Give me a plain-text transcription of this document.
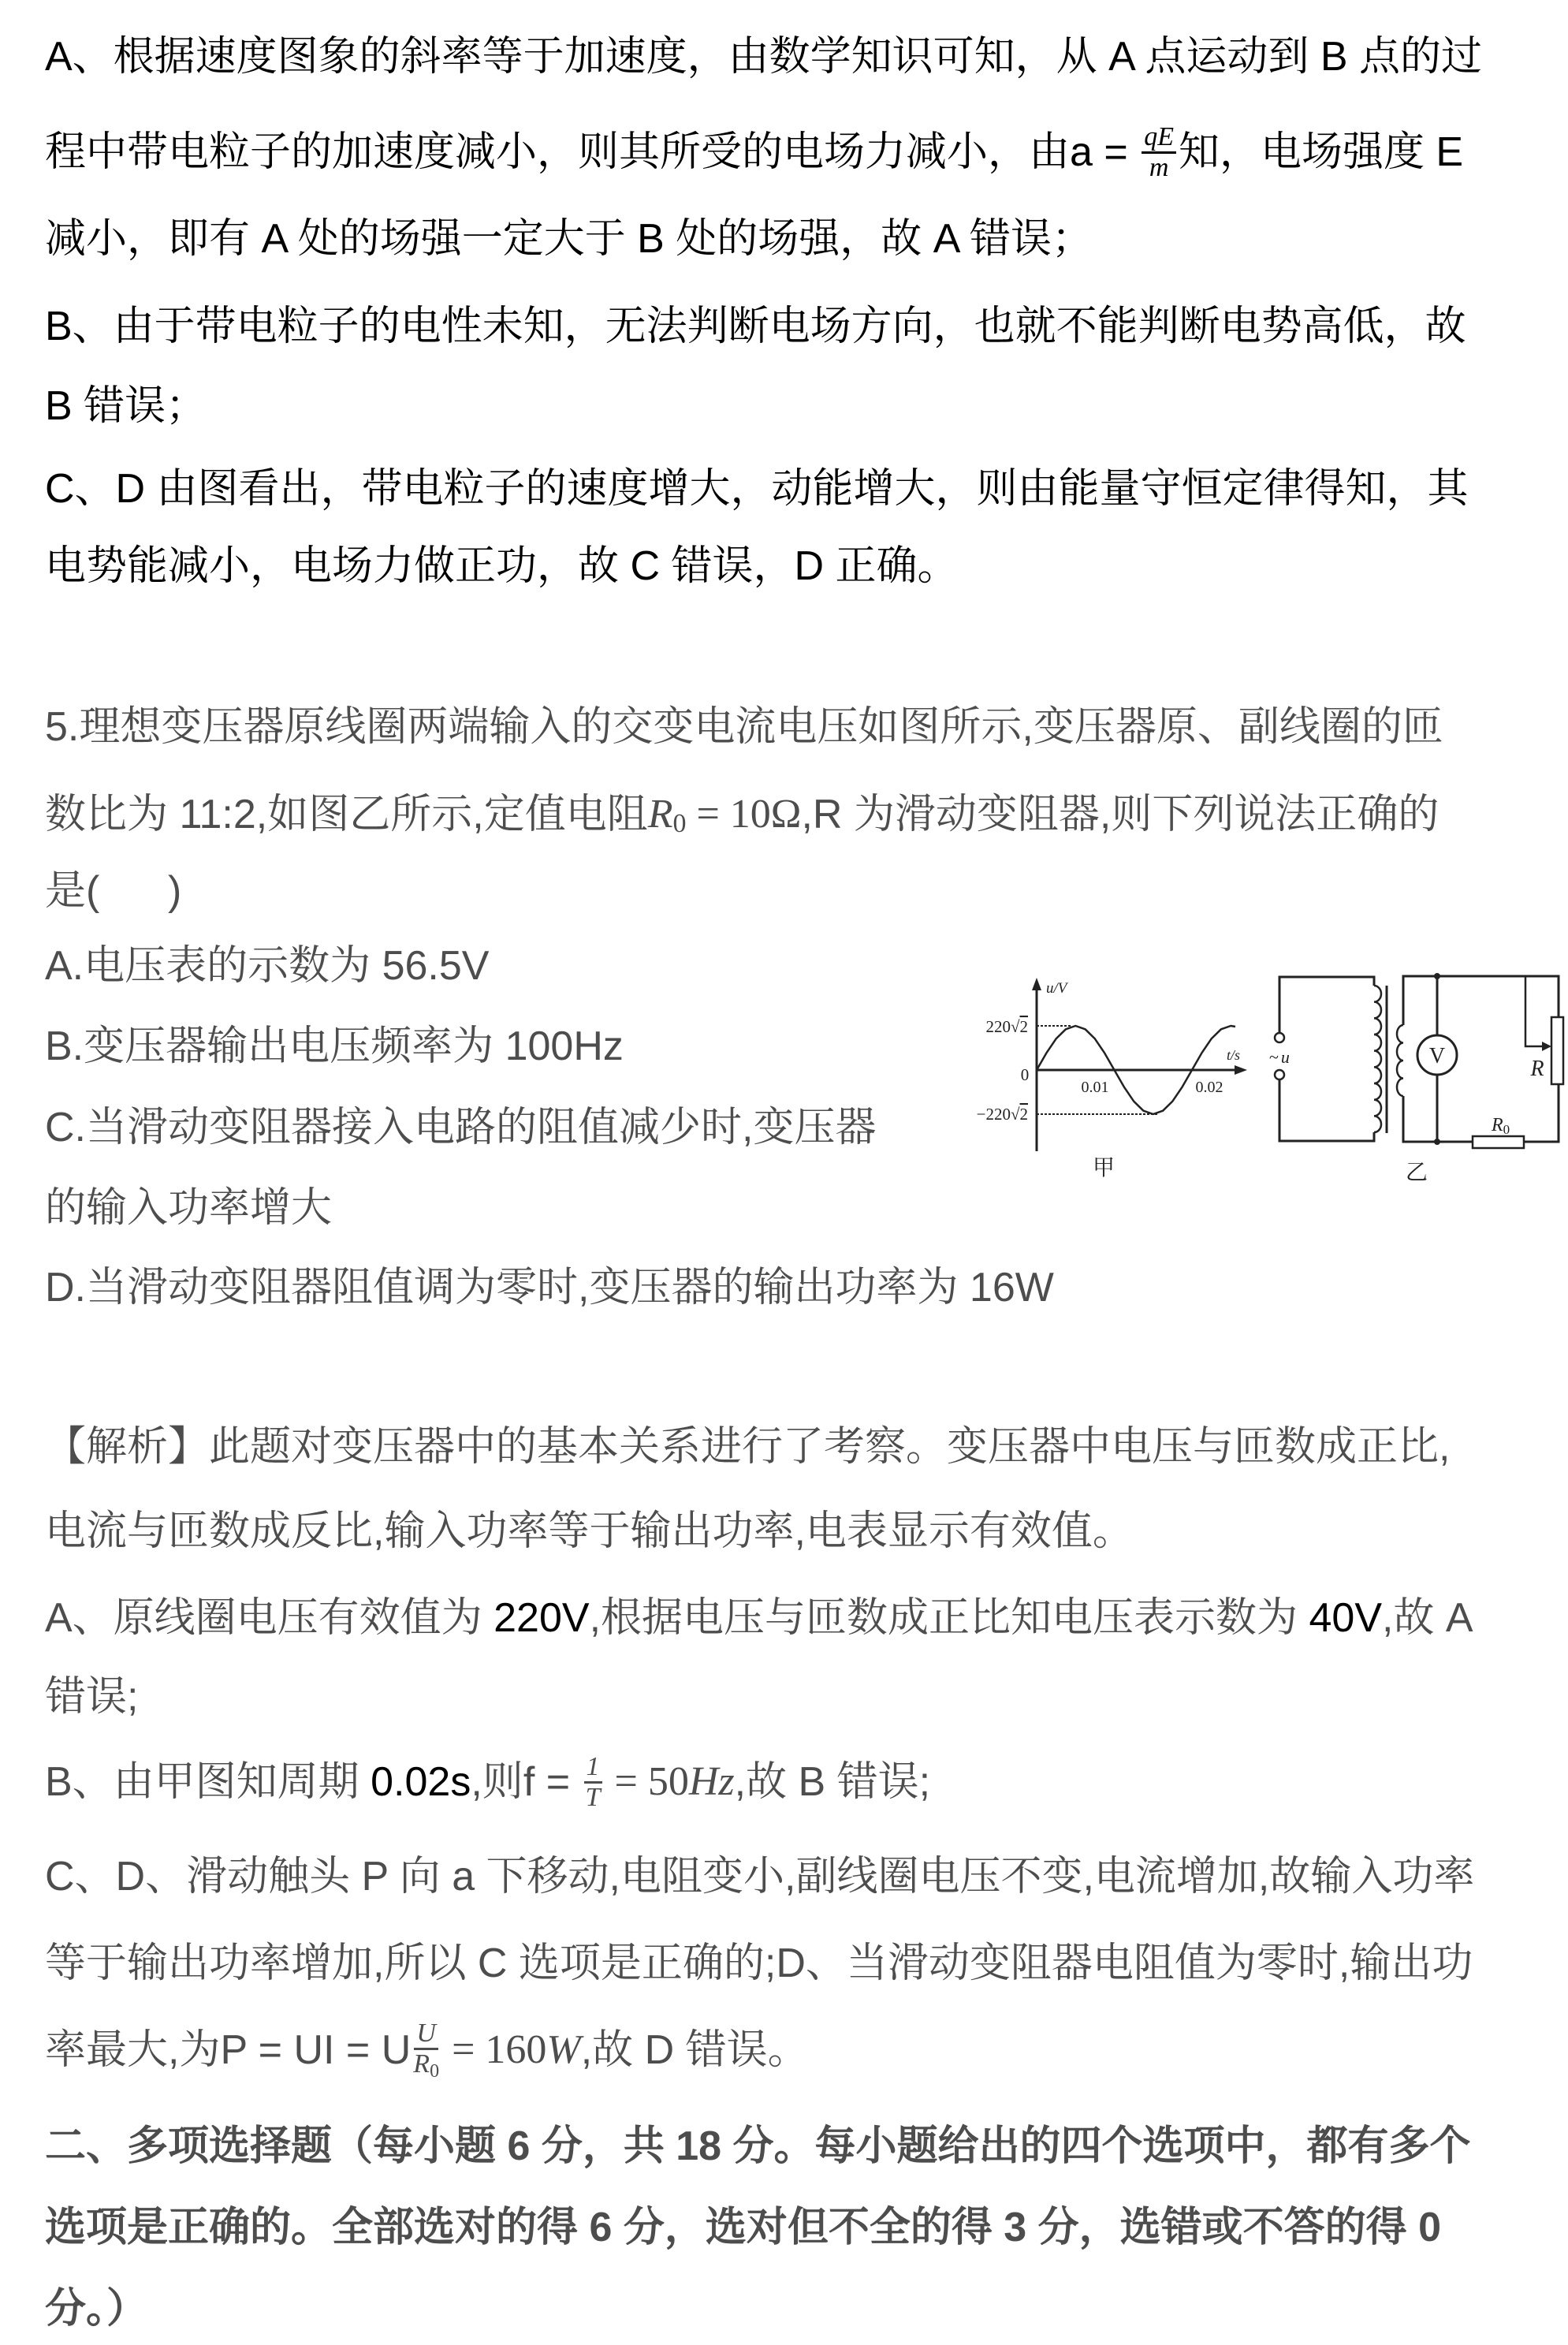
A、根据速度图象的斜率等于加速度，由数学知识可知，从 A 点运动到 B 点的过
程中带电粒子的加速度减小，则其所受的电场力减小，由 $a = \frac{qE}{m}$ 知，电场强度 E
减小，即有 A 处的场强一定大于 B 处的场强，故 A 错误；
B、由于带电粒子的电性未知，无法判断电场方向，也就不能判断电势高低，故
B 错误；
C、D 由图看出，带电粒子的速度增大，动能增大，则由能量守恒定律得知，其
电势能减小，电场力做正功，故 C 错误，D 正确。
5.理想变压器原线圈两端输入的交变电流电压如图所示,变压器原、副线圈的匝
数比为 11:2,如图乙所示,定值电阻 R 0 = 10Ω ,R 为滑动变阻器,则下列说法正确的
是(      )
A.电压表的示数为 56.5V
B.变压器输出电压频率为 100Hz
C.当滑动变阻器接入电路的阻值减少时,变压器
的输入功率增大
D.当滑动变阻器阻值调为零时,变压器的输出功率为 16W
u/V
t/s
220√2
−220√2
0
0.01	0.02
甲
~ u	V
R
R0
乙
【解析】此题对变压器中的基本关系进行了考察。变压器中电压与匝数成正比,
电流与匝数成反比,输入功率等于输出功率,电表显示有效值。
A、原线圈电压有效值为 220V ,根据电压与匝数成正比知电压表示数为 40V ,故 A
错误;
B、由甲图知周期 0.02s ,则 $f = \frac{1}{T} = 50$ Hz ,故 B 错误;
C、D、滑动触头 P 向 a 下移动,电阻变小,副线圈电压不变,电流增加,故输入功率
等于输出功率增加,所以 C 选项是正确的;D、当滑动变阻器电阻值为零时,输出功
率最大,为 P = UI = U $\frac{U}{R0} = 160$ W ,故 D 错误。
二、多项选择题（每小题 6 分，共 18 分。每小题给出的四个选项中，都有多个
选项是正确的。全部选对的得 6 分，选对但不全的得 3 分，选错或不答的得 0
分。）
